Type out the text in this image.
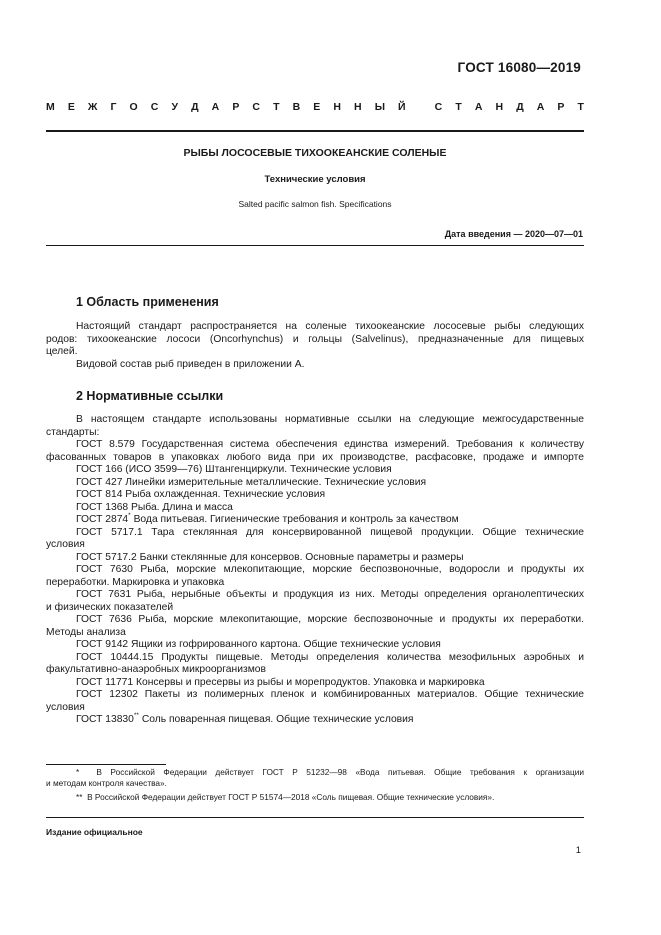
ГОСТ 16080—2019
М Е Ж Г О С У Д А Р С Т В Е Н Н Ы Й
	С Т А Н Д А Р Т
РЫБЫ ЛОСОСЕВЫЕ ТИХООКЕАНСКИЕ СОЛЕНЫЕ
Технические условия
Salted pacific salmon fish. Specifications
Дата введения — 2020—07—01
1 Область применения
Настоящий стандарт распространяется на соленые тихоокеанские лососевые рыбы следующих
родов: тихоокеанские лососи (Oncorhynchus) и гольцы (Salvelinus), предназначенные для пищевых
целей.
Видовой состав рыб приведен в приложении А.
2 Нормативные ссылки
В настоящем стандарте использованы нормативные ссылки на следующие межгосударственные
стандарты:
ГОСТ 8.579 Государственная система обеспечения единства измерений. Требования к количеству
фасованных товаров в упаковках любого вида при их производстве, расфасовке, продаже и импорте
ГОСТ 166 (ИСО 3599—76) Штангенциркули. Технические условия
ГОСТ 427 Линейки измерительные металлические. Технические условия
ГОСТ 814 Рыба охлажденная. Технические условия
ГОСТ 1368 Рыба. Длина и масса
ГОСТ 2874* Вода питьевая. Гигиенические требования и контроль за качеством
ГОСТ 5717.1 Тара стеклянная для консервированной пищевой продукции. Общие технические
условия
ГОСТ 5717.2 Банки стеклянные для консервов. Основные параметры и размеры
ГОСТ 7630 Рыба, морские млекопитающие, морские беспозвоночные, водоросли и продукты их
переработки. Маркировка и упаковка
ГОСТ 7631 Рыба, нерыбные объекты и продукция из них. Методы определения органолептических
и физических показателей
ГОСТ 7636 Рыба, морские млекопитающие, морские беспозвоночные и продукты их переработки.
Методы анализа
ГОСТ 9142 Ящики из гофрированного картона. Общие технические условия
ГОСТ 10444.15 Продукты пищевые. Методы определения количества мезофильных аэробных и
факультативно-анаэробных микроорганизмов
ГОСТ 11771 Консервы и пресервы из рыбы и морепродуктов. Упаковка и маркировка
ГОСТ 12302 Пакеты из полимерных пленок и комбинированных материалов. Общие технические
условия
ГОСТ 13830** Соль поваренная пищевая. Общие технические условия
* В Российской Федерации действует ГОСТ Р 51232—98 «Вода питьевая. Общие требования к организации
и методам контроля качества».
** В Российской Федерации действует ГОСТ Р 51574—2018 «Соль пищевая. Общие технические условия».
Издание официальное
1
